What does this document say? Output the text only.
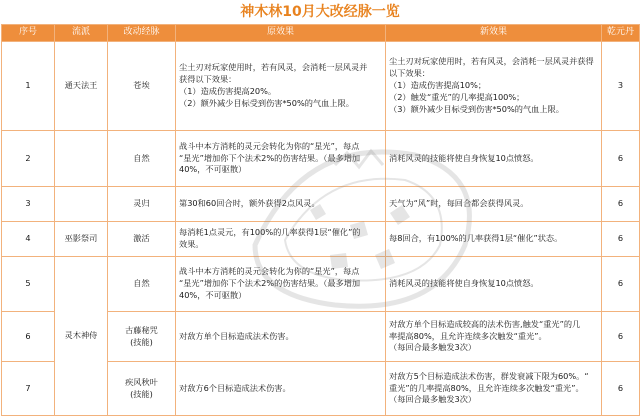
神木林10月大改经脉一览
序号	流派	改动经脉	原效果	新效果	乾元丹
1	通天法王	苍埃	尘土刃对玩家使用时，若有风灵，会消耗一层风灵并
获得以下效果：
（1）造成伤害提高20%。
（2）额外减少目标受到伤害*50%的气血上限。	尘土刃对玩家使用时，若有风灵，会消耗一层风灵并获得
以下效果：
（1）造成伤害提高10%；
（2）触发“重光”的几率提高100%；
（3）额外减少目标受到伤害*50%的气血上限。	3
2		自然	战斗中本方消耗的灵元会转化为你的“星光”，每点
“星光”增加你下个法术2%的伤害结果。（最多增加
40%，不可驱散）	消耗风灵的技能将使自身恢复10点愤怒。	6
3		灵归	第30和60回合时，额外获得2点风灵。	天气为“风”时，每回合都会获得风灵。	6
4	巫影祭司	激活	每消耗1点灵元，有100%的几率获得1层“催化”的
效果。	每8回合，有100%的几率获得1层“催化”状态。	6
5	灵木神侍	自然	战斗中本方消耗的灵元会转化为你的“星光”，每点
“星光”增加你下个法术2%的伤害结果。（最多增加
40%，不可驱散）	消耗风灵的技能将使自身恢复10点愤怒。	6
6		古藤秘咒
(技能)	对敌方单个目标造成法术伤害。	对敌方单个目标造成较高的法术伤害,触发“重光”的几
率提高80%，且允许连续多次触发“重光”。
（每回合最多触发3次）	6
7		疾风秋叶
(技能)	对敌方6个目标造成法术伤害。	对敌方5个目标造成法术伤害，群发衰减下限为60%。“
重光”的几率提高80%，且允许连续多次触发“重光”。
（每回合最多触发3次）	6
